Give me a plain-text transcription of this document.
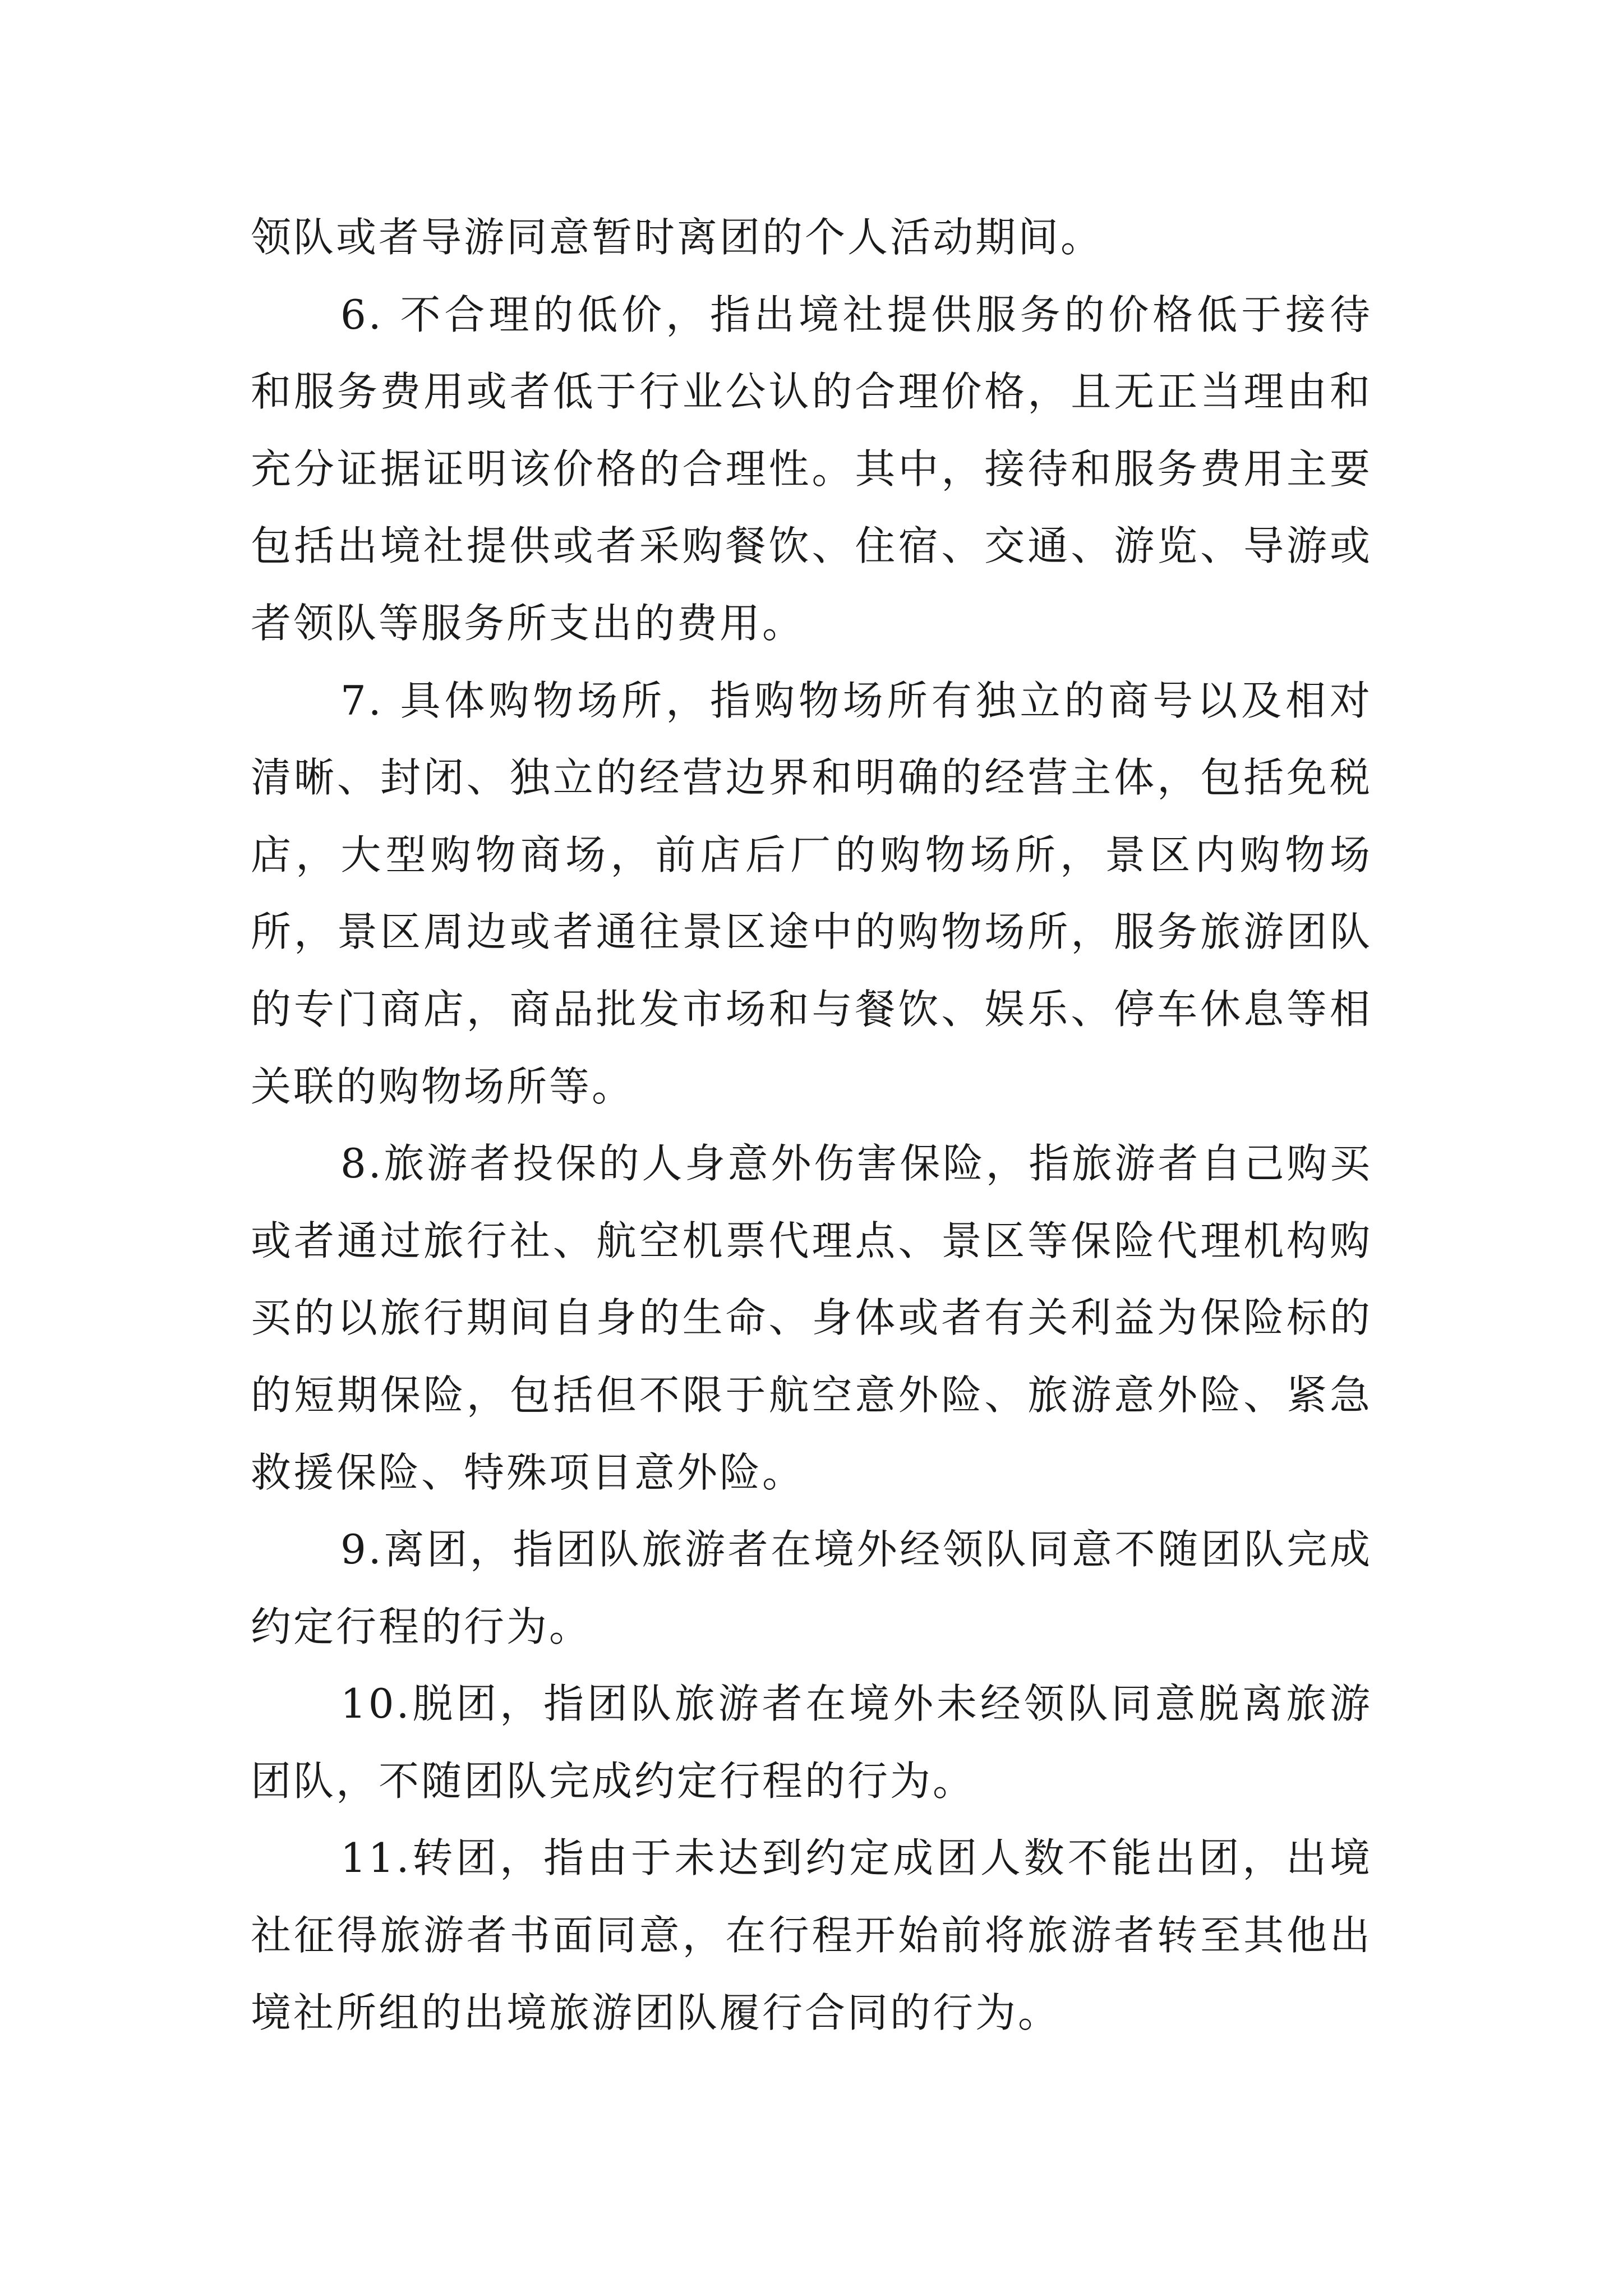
领队或者导游同意暂时离团的个人活动期间。

6. 不合理的低价，指出境社提供服务的价格低于接待和服务费用或者低于行业公认的合理价格，且无正当理由和充分证据证明该价格的合理性。其中，接待和服务费用主要包括出境社提供或者采购餐饮、住宿、交通、游览、导游或者领队等服务所支出的费用。

7. 具体购物场所，指购物场所有独立的商号以及相对清晰、封闭、独立的经营边界和明确的经营主体，包括免税店，大型购物商场，前店后厂的购物场所，景区内购物场所，景区周边或者通往景区途中的购物场所，服务旅游团队的专门商店，商品批发市场和与餐饮、娱乐、停车休息等相关联的购物场所等。

8.旅游者投保的人身意外伤害保险，指旅游者自己购买或者通过旅行社、航空机票代理点、景区等保险代理机构购买的以旅行期间自身的生命、身体或者有关利益为保险标的的短期保险，包括但不限于航空意外险、旅游意外险、紧急救援保险、特殊项目意外险。

9.离团，指团队旅游者在境外经领队同意不随团队完成约定行程的行为。

10.脱团，指团队旅游者在境外未经领队同意脱离旅游团队，不随团队完成约定行程的行为。

11.转团，指由于未达到约定成团人数不能出团，出境社征得旅游者书面同意，在行程开始前将旅游者转至其他出境社所组的出境旅游团队履行合同的行为。
